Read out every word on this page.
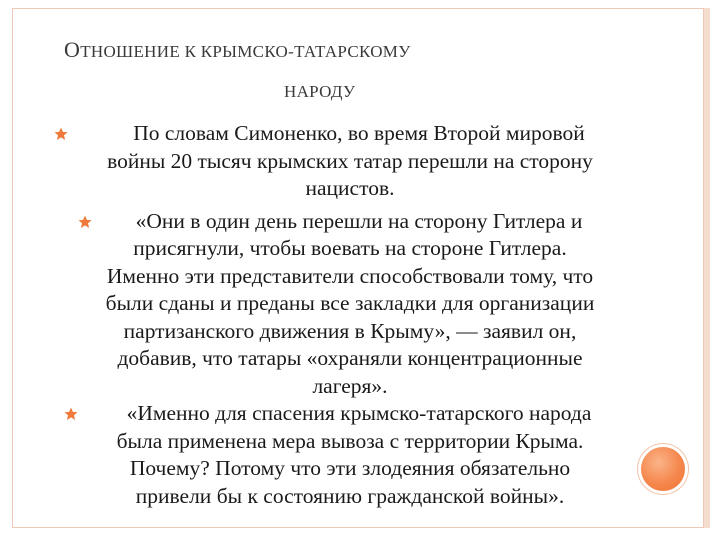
ОТНОШЕНИЕ К КРЫМСКО-ТАТАРСКОМУ
НАРОДУ
По словам Симоненко, во время Второй мировой
войны 20 тысяч крымских татар перешли на сторону
нацистов.
«Они в один день перешли на сторону Гитлера и
присягнули, чтобы воевать на стороне Гитлера.
Именно эти представители способствовали тому, что
были сданы и преданы все закладки для организации
партизанского движения в Крыму», — заявил он,
добавив, что татары «охраняли концентрационные
лагеря».
«Именно для спасения крымско-татарского народа
была применена мера вывоза с территории Крыма.
Почему? Потому что эти злодеяния обязательно
привели бы к состоянию гражданской войны».
